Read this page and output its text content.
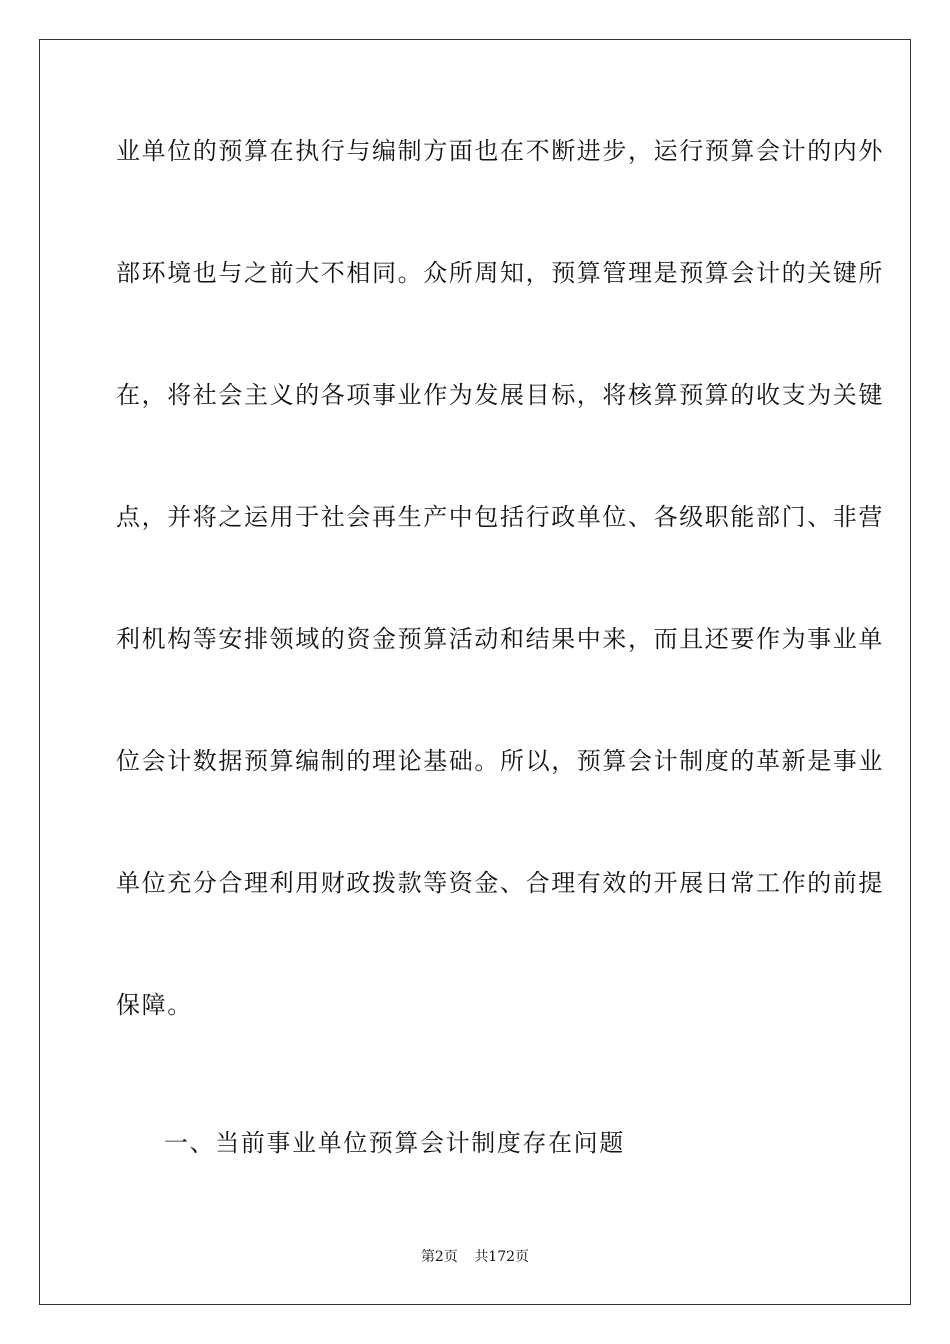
业单位的预算在执行与编制方面也在不断进步，运行预算会计的内外
部环境也与之前大不相同。众所周知，预算管理是预算会计的关键所
在，将社会主义的各项事业作为发展目标，将核算预算的收支为关键
点，并将之运用于社会再生产中包括行政单位、各级职能部门、非营
利机构等安排领域的资金预算活动和结果中来，而且还要作为事业单
位会计数据预算编制的理论基础。所以，预算会计制度的革新是事业
单位充分合理利用财政拨款等资金、合理有效的开展日常工作的前提
保障。
一、当前事业单位预算会计制度存在问题
第2页 共172页
